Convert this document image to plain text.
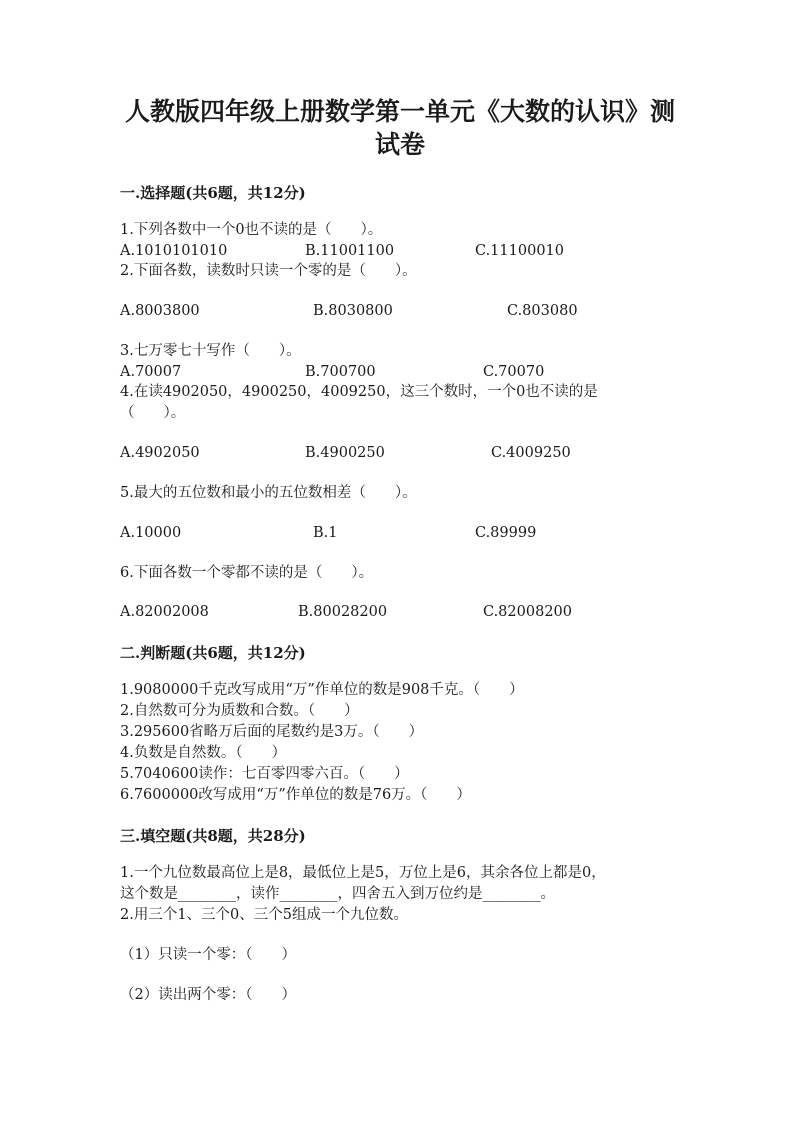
人教版四年级上册数学第一单元《大数的认识》测
试卷
一.选择题(共6题，共12分)
1.下列各数中一个0也不读的是（　　）。
A.1010101010	B.11001100	C.11100010
2.下面各数，读数时只读一个零的是（　　）。
A.8003800	B.8030800	C.803080
3.七万零七十写作（　　）。
A.70007	B.700700	C.70070
4.在读4902050，4900250，4009250，这三个数时，一个0也不读的是
（　　）。
A.4902050	B.4900250	C.4009250
5.最大的五位数和最小的五位数相差（　　）。
A.10000	B.1	C.89999
6.下面各数一个零都不读的是（　　）。
A.82002008	B.80028200	C.82008200
二.判断题(共6题，共12分)
1.9080000千克改写成用“万”作单位的数是908千克。（　　）
2.自然数可分为质数和合数。（　　）
3.295600省略万后面的尾数约是3万。（　　）
4.负数是自然数。（　　）
5.7040600读作：七百零四零六百。（　　）
6.7600000改写成用“万”作单位的数是76万。（　　）
三.填空题(共8题，共28分)
1.一个九位数最高位上是8，最低位上是5，万位上是6，其余各位上都是0，
这个数是________，读作________，四舍五入到万位约是________。
2.用三个1、三个0、三个5组成一个九位数。
（1）只读一个零：（　　）
（2）读出两个零：（　　）
